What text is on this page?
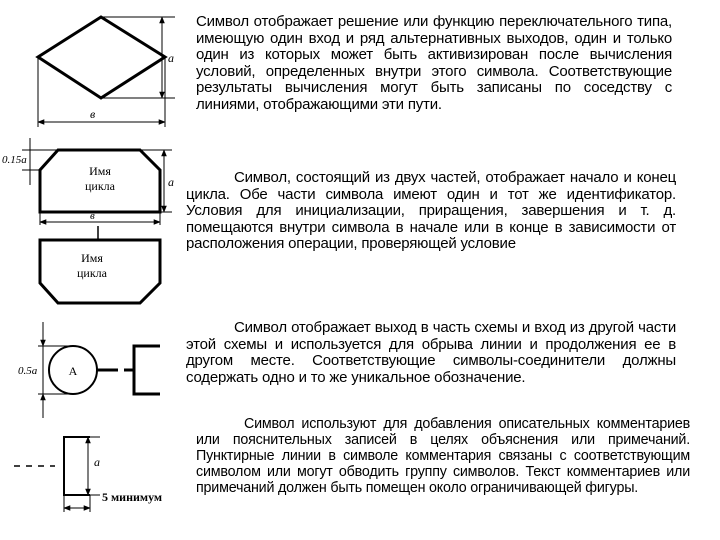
a
в
Имя
цикла
0.15а
а
в
Имя
цикла
А
0.5а
а
5 минимум

Символ отображает решение или функцию переключательного типа, имеющую один вход и ряд альтернативных выходов, один и только один из которых может быть активизирован после вычисления условий, определенных внутри этого символа. Соответствующие результаты вычисления могут быть записаны по соседству с линиями, отображающими эти пути.

Символ, состоящий из двух частей, отображает начало и конец цикла. Обе части символа имеют один и тот же идентификатор. Условия для инициализации, приращения, завершения и т. д. помещаются внутри символа в начале или в конце в зависимости от расположения операции, проверяющей условие

Символ отображает выход в часть схемы и вход из другой части этой схемы и используется для обрыва линии и продолжения ее в другом месте. Соответствующие символы-соединители должны содержать одно и то же уникальное обозначение.

Символ используют для добавления описательных комментариев или пояснительных записей в целях объяснения или примечаний. Пунктирные линии в символе комментария связаны с соответствующим символом или могут обводить группу символов. Текст комментариев или примечаний должен быть помещен около ограничивающей фигуры.
